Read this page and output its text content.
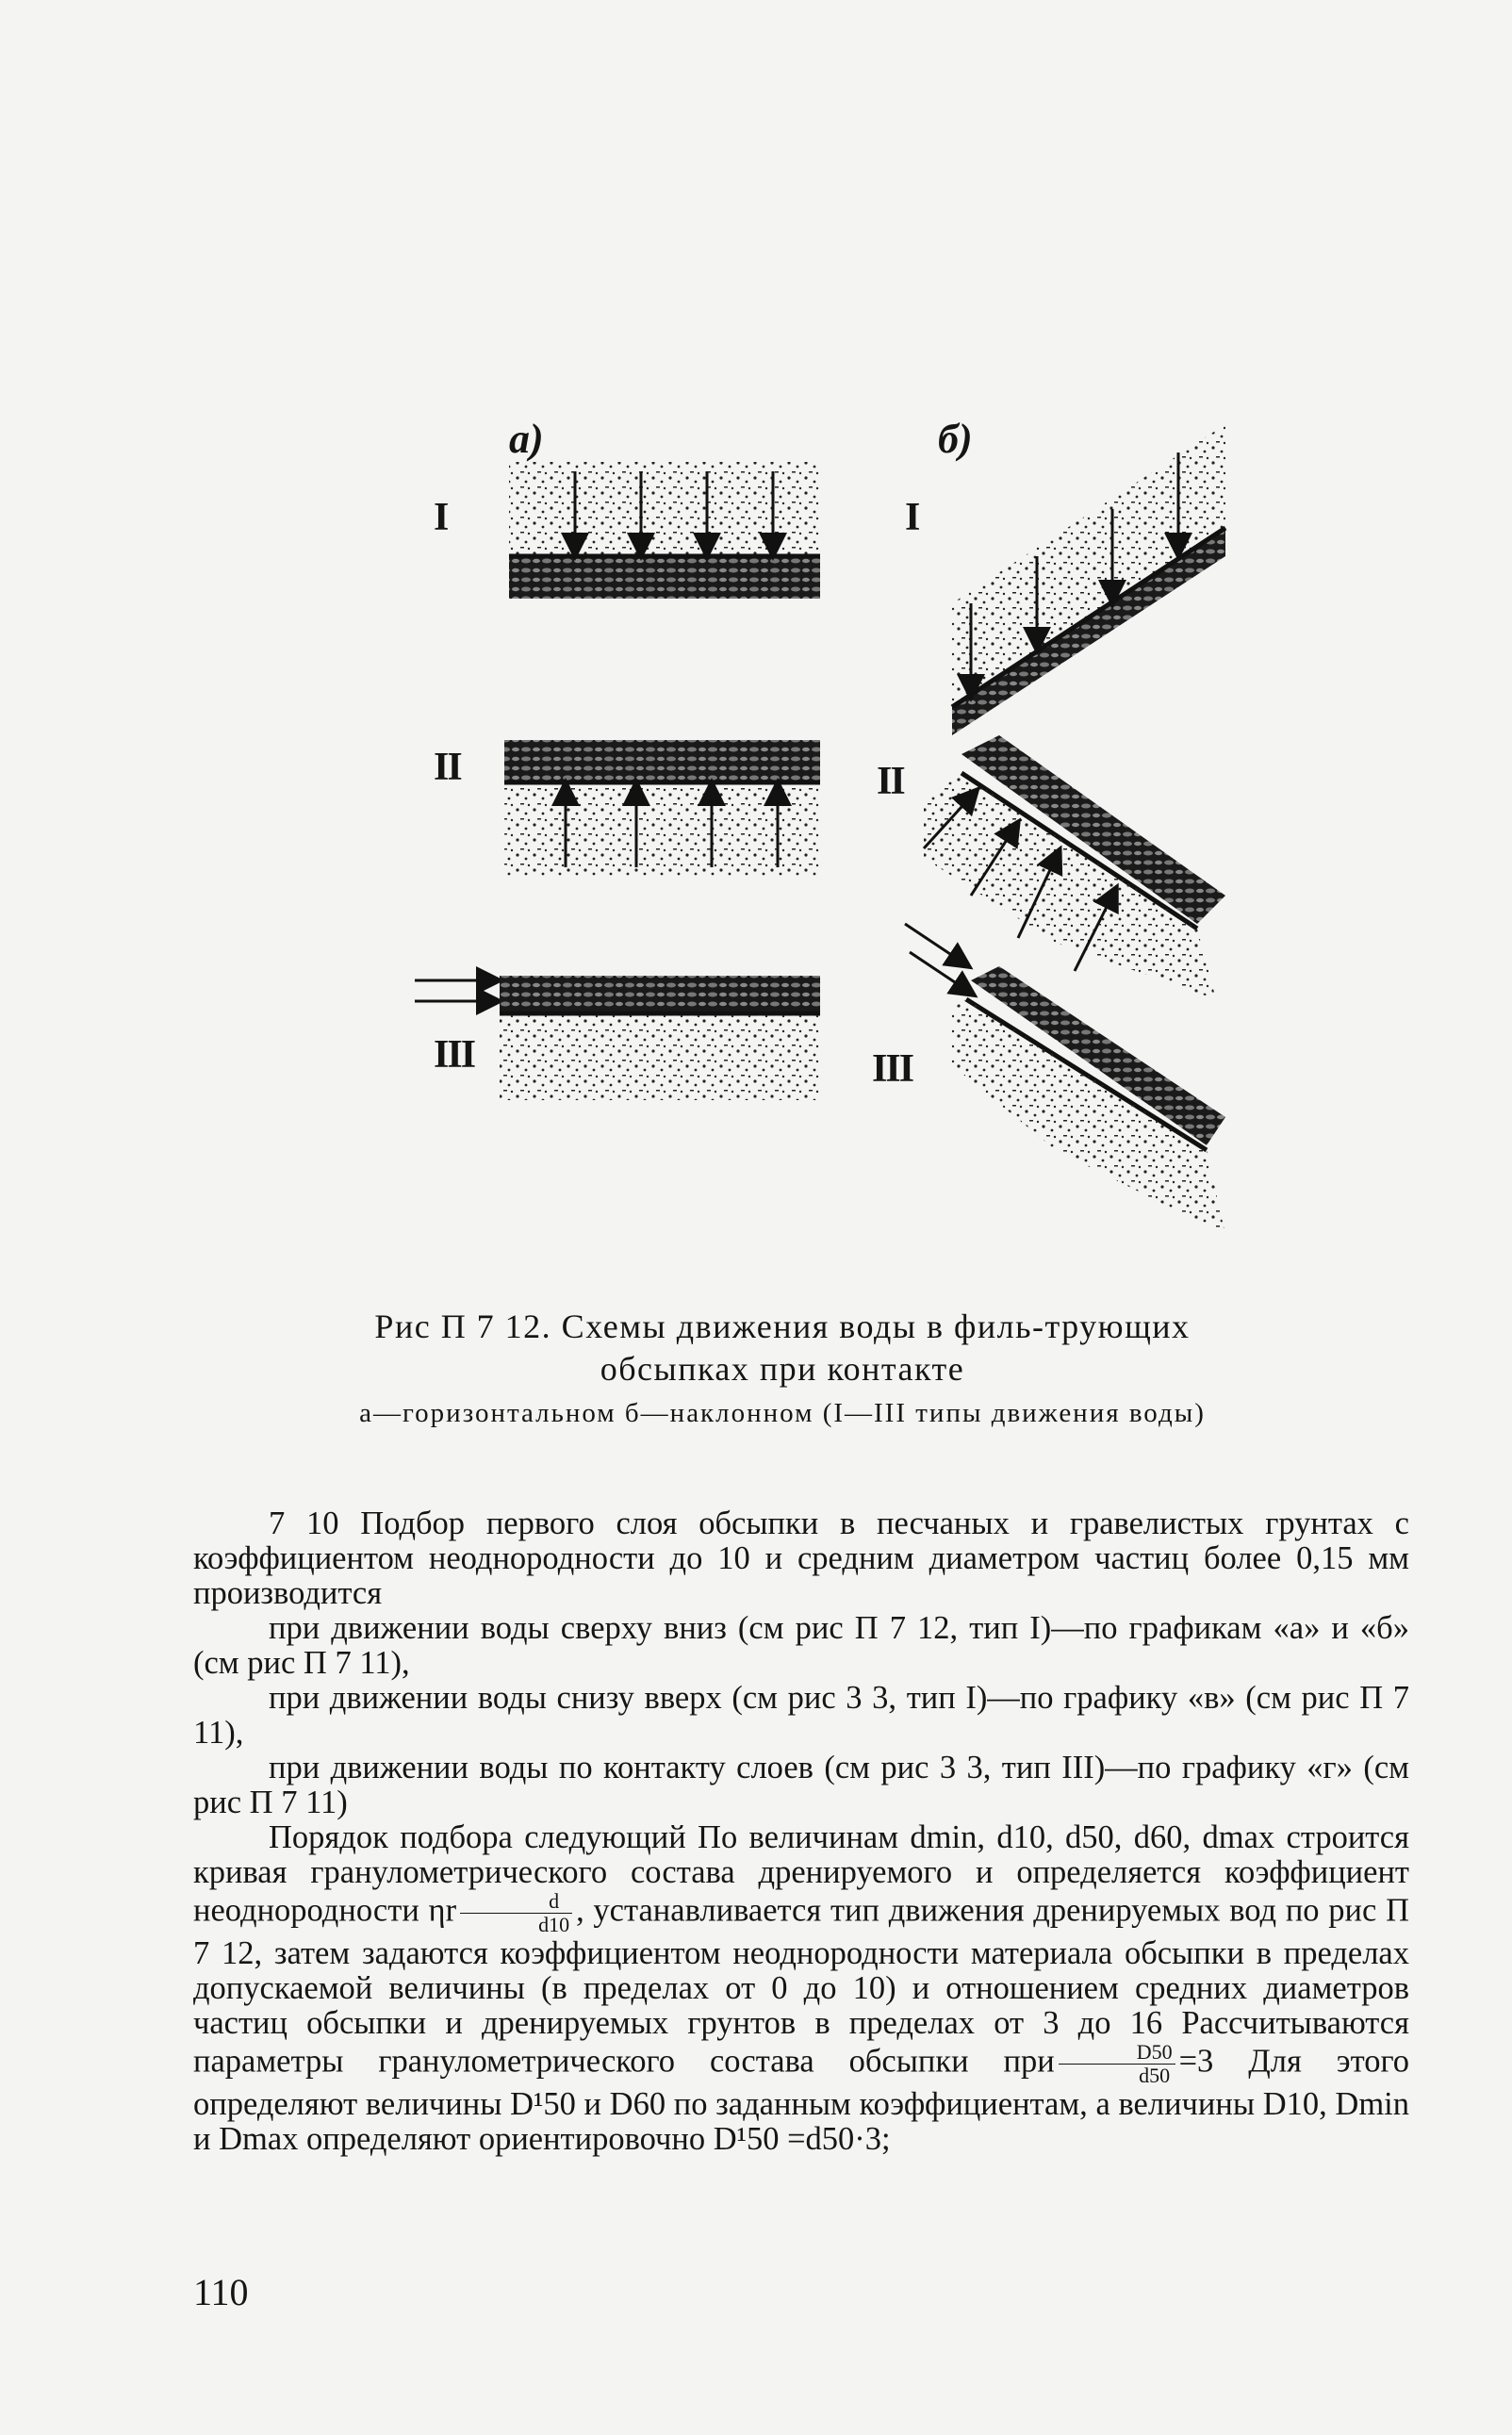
a)	б)
I
II
III
I
II
III
Рис П 7 12. Схемы движения воды в филь-трующих обсыпках при контакте
а—горизонтальном б—наклонном (I—III типы движения воды)

7 10 Подбор первого слоя обсыпки в песчаных и гравелистых грунтах с коэффициентом неоднородности до 10 и средним диаметром частиц более 0,15 мм производится

при движении воды сверху вниз (см рис П 7 12, тип I)—по графикам «а» и «б» (см рис П 7 11),

при движении воды снизу вверх (см рис 3 3, тип I)—по графику «в» (см рис П 7 11),

при движении воды по контакту слоев (см рис 3 3, тип III)—по графику «г» (см рис П 7 11)

Порядок подбора следующий По величинам dmin, d10, d50, d60, dmax строится кривая гранулометрического состава дренируемого и определяется коэффициент неоднородности ηr $\frac{d}{d10}$ , устанавливается тип движения дренируемых вод по рис П 7 12, затем задаются коэффициентом неоднородности материала обсыпки в пределах допускаемой величины (в пределах от 0 до 10) и отношением средних диаметров частиц обсыпки и дренируемых грунтов в пределах от 3 до 16 Рассчитываются параметры гранулометрического состава обсыпки при $\frac{D50}{d50} =3$ Для этого определяют величины D¹50 и D60 по заданным коэффициентам, а величины D10, Dmin и Dmax определяют ориентировочно D¹50 =d50·3;

110
